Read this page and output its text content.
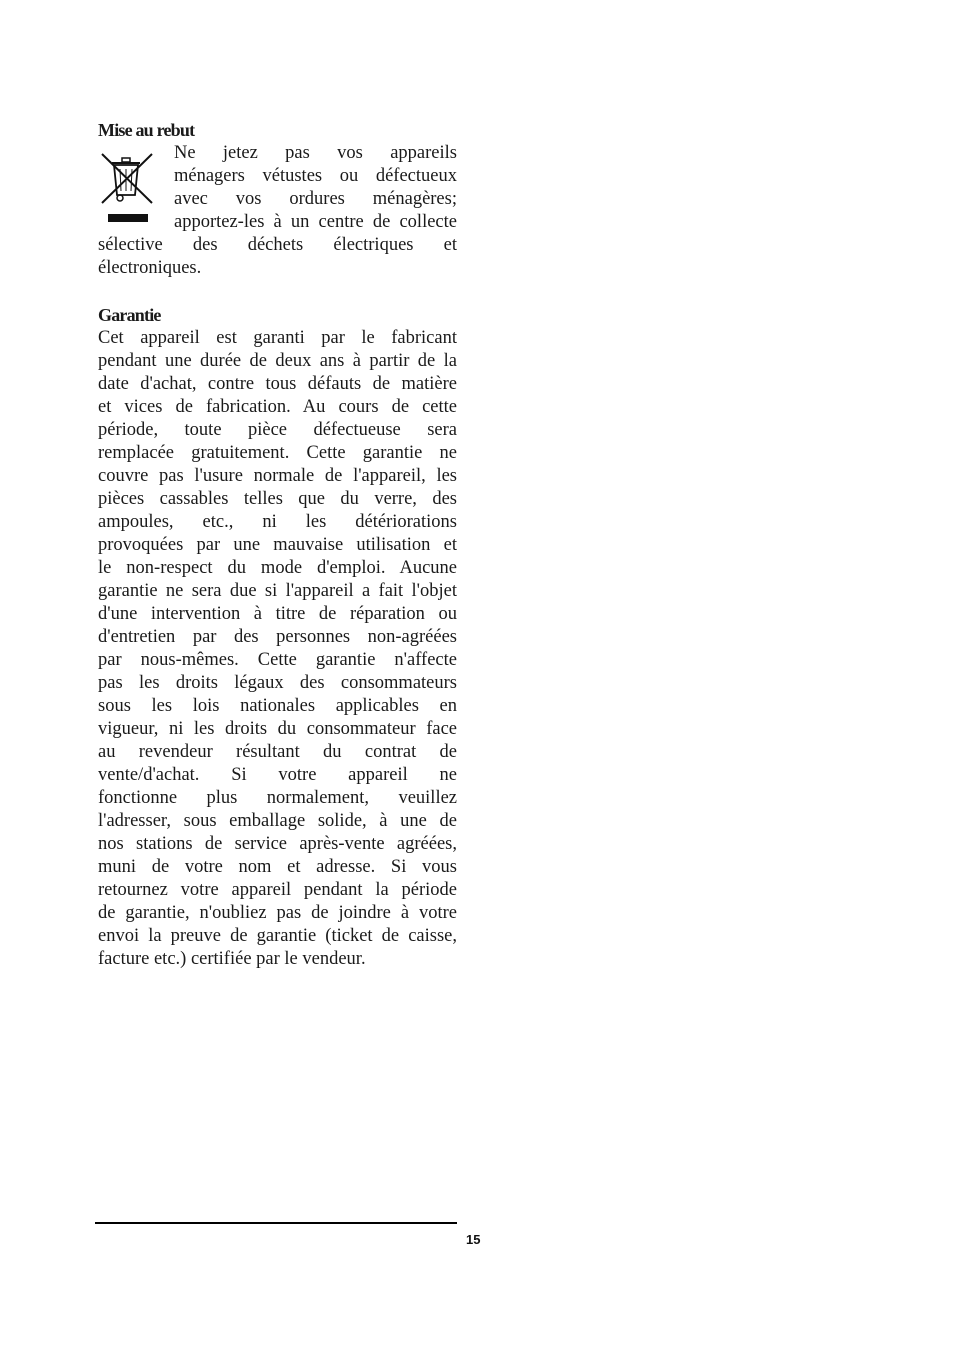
Mise au rebut

Ne jetez pas vos appareils

ménagers vétustes ou défectueux

avec vos ordures ménagères;

apportez-les à un centre de collecte

sélective des déchets électriques et

électroniques.

Garantie

Cet appareil est garanti par le fabricant

pendant une durée de deux ans à partir de la

date d'achat, contre tous défauts de matière

et vices de fabrication. Au cours de cette

période, toute pièce défectueuse sera

remplacée gratuitement. Cette garantie ne

couvre pas l'usure normale de l'appareil, les

pièces cassables telles que du verre, des

ampoules, etc., ni les détériorations

provoquées par une mauvaise utilisation et

le non-respect du mode d'emploi. Aucune

garantie ne sera due si l'appareil a fait l'objet

d'une intervention à titre de réparation ou

d'entretien par des personnes non-agréées

par nous-mêmes. Cette garantie n'affecte

pas les droits légaux des consommateurs

sous les lois nationales applicables en

vigueur, ni les droits du consommateur face

au revendeur résultant du contrat de

vente/d'achat. Si votre appareil ne

fonctionne plus normalement, veuillez

l'adresser, sous emballage solide, à une de

nos stations de service après-vente agréées,

muni de votre nom et adresse. Si vous

retournez votre appareil pendant la période

de garantie, n'oubliez pas de joindre à votre

envoi la preuve de garantie (ticket de caisse,

facture etc.) certifiée par le vendeur.

15
